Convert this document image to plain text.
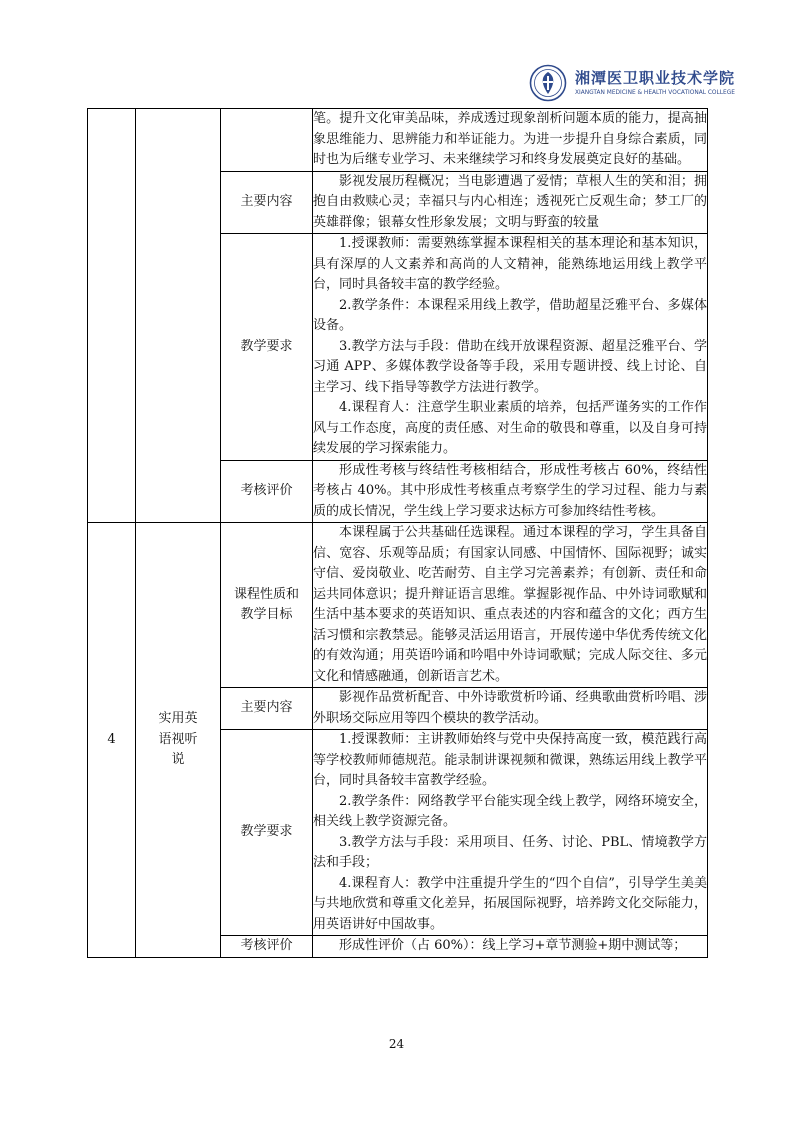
湘潭医卫职业技术学院
XIANGTAN MEDICINE & HEALTH VOCATIONAL COLLEGE

			笔。提升文化审美品味，养成透过现象剖析问题本质的能力，提高抽象思维能力、思辨能力和举证能力。为进一步提升自身综合素质，同时也为后继专业学习、未来继续学习和终身发展奠定良好的基础。

		主要内容	影视发展历程概况；当电影遭遇了爱情；草根人生的笑和泪；拥抱自由救赎心灵；幸福只与内心相连；透视死亡反观生命；梦工厂的英雄群像；银幕女性形象发展；文明与野蛮的较量

		教学要求	1.授课教师：需要熟练掌握本课程相关的基本理论和基本知识，具有深厚的人文素养和高尚的人文精神，能熟练地运用线上教学平台，同时具备较丰富的教学经验。

2.教学条件：本课程采用线上教学，借助超星泛雅平台、多媒体设备。

3.教学方法与手段：借助在线开放课程资源、超星泛雅平台、学习通 APP、多媒体教学设备等手段，采用专题讲授、线上讨论、自主学习、线下指导等教学方法进行教学。

4.课程育人：注意学生职业素质的培养，包括严谨务实的工作作风与工作态度，高度的责任感、对生命的敬畏和尊重，以及自身可持续发展的学习探索能力。

		考核评价	形成性考核与终结性考核相结合，形成性考核占 60%，终结性考核占 40%。其中形成性考核重点考察学生的学习过程、能力与素质的成长情况，学生线上学习要求达标方可参加终结性考核。

4	实用英语视听说	课程性质和教学目标	本课程属于公共基础任选课程。通过本课程的学习，学生具备自信、宽容、乐观等品质；有国家认同感、中国情怀、国际视野；诚实守信、爱岗敬业、吃苦耐劳、自主学习完善素养；有创新、责任和命运共同体意识；提升辩证语言思维。掌握影视作品、中外诗词歌赋和生活中基本要求的英语知识、重点表述的内容和蕴含的文化；西方生活习惯和宗教禁忌。能够灵活运用语言，开展传递中华优秀传统文化的有效沟通；用英语吟诵和吟唱中外诗词歌赋；完成人际交往、多元文化和情感融通，创新语言艺术。

		主要内容	影视作品赏析配音、中外诗歌赏析吟诵、经典歌曲赏析吟唱、涉外职场交际应用等四个模块的教学活动。

		教学要求	1.授课教师：主讲教师始终与党中央保持高度一致，模范践行高等学校教师师德规范。能录制讲课视频和微课，熟练运用线上教学平台，同时具备较丰富教学经验。

2.教学条件：网络教学平台能实现全线上教学，网络环境安全，相关线上教学资源完备。

3.教学方法与手段：采用项目、任务、讨论、PBL、情境教学方法和手段；

4.课程育人：教学中注重提升学生的“四个自信”，引导学生美美与共地欣赏和尊重文化差异，拓展国际视野，培养跨文化交际能力，用英语讲好中国故事。

		考核评价	形成性评价（占 60%）：线上学习+章节测验+期中测试等；

24
